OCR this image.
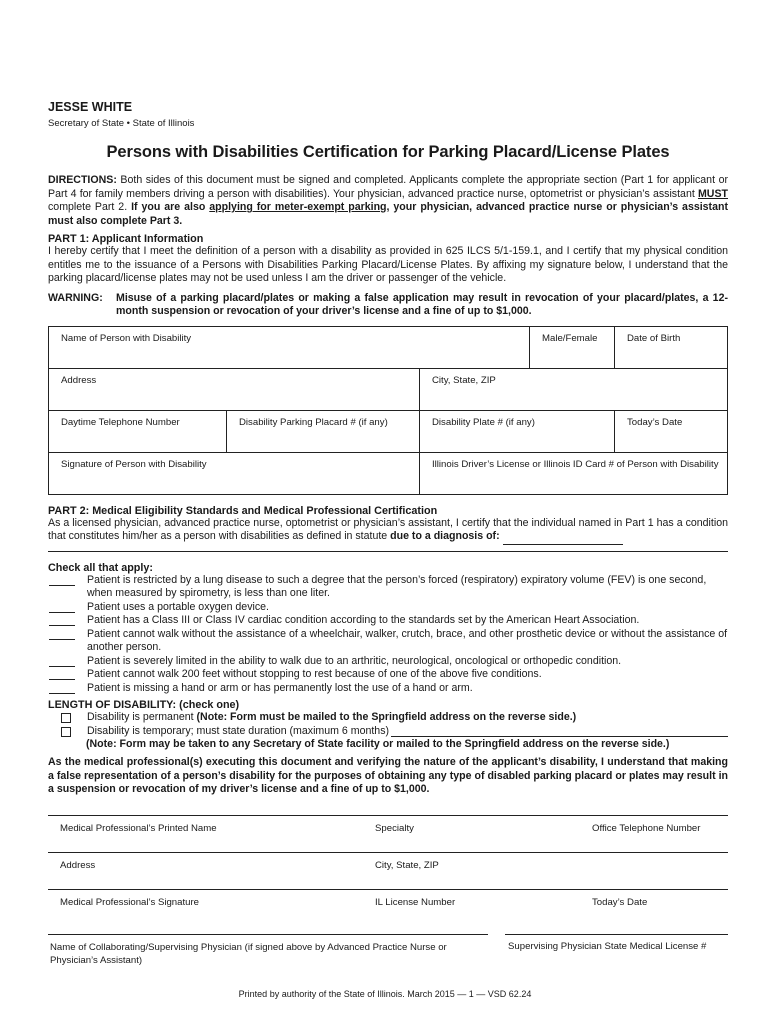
JESSE WHITE
Secretary of State • State of Illinois
Persons with Disabilities Certification for Parking Placard/License Plates
DIRECTIONS: Both sides of this document must be signed and completed. Applicants complete the appropriate section (Part 1 for applicant or Part 4 for family members driving a person with disabilities). Your physician, advanced practice nurse, optometrist or physician’s assistant MUST complete Part 2. If you are also applying for meter-exempt parking, your physician, advanced practice nurse or physician’s assistant must also complete Part 3.
PART 1: Applicant Information
I hereby certify that I meet the definition of a person with a disability as provided in 625 ILCS 5/1-159.1, and I certify that my physical condition entitles me to the issuance of a Persons with Disabilities Parking Placard/License Plates. By affixing my signature below, I understand that the parking placard/license plates may not be used unless I am the driver or passenger of the vehicle.
WARNING:	Misuse of a parking placard/plates or making a false application may result in revocation of your placard/plates, a 12-month suspension or revocation of your driver’s license and a fine of up to $1,000.
Name of Person with Disability			Male/Female	Date of Birth
Address		City, State, ZIP		
Daytime Telephone Number	Disability Parking Placard # (if any)	Disability Plate # (if any)		Today’s Date
Signature of Person with Disability		Illinois Driver’s License or Illinois ID Card # of Person with Disability		
PART 2: Medical Eligibility Standards and Medical Professional Certification
As a licensed physician, advanced practice nurse, optometrist or physician’s assistant, I certify that the individual named in Part 1 has a condition that constitutes him/her as a person with disabilities as defined in statute due to a diagnosis of:
Check all that apply:
Patient is restricted by a lung disease to such a degree that the person’s forced (respiratory) expiratory volume (FEV) is one second, when measured by spirometry, is less than one liter.
Patient uses a portable oxygen device.
Patient has a Class III or Class IV cardiac condition according to the standards set by the American Heart Association.
Patient cannot walk without the assistance of a wheelchair, walker, crutch, brace, and other prosthetic device or without the assistance of another person.
Patient is severely limited in the ability to walk due to an arthritic, neurological, oncological or orthopedic condition.
Patient cannot walk 200 feet without stopping to rest because of one of the above five conditions.
Patient is missing a hand or arm or has permanently lost the use of a hand or arm.
LENGTH OF DISABILITY: (check one)
Disability is permanent (Note: Form must be mailed to the Springfield address on the reverse side.)
Disability is temporary; must state duration (maximum 6 months)
(Note: Form may be taken to any Secretary of State facility or mailed to the Springfield address on the reverse side.)
As the medical professional(s) executing this document and verifying the nature of the applicant’s disability, I understand that making a false representation of a person’s disability for the purposes of obtaining any type of disabled parking placard or plates may result in a suspension or revocation of my driver’s license and a fine of up to $1,000.
Medical Professional’s Printed Name	Specialty	Office Telephone Number
Address	City, State, ZIP
Medical Professional’s Signature	IL License Number	Today’s Date
Name of Collaborating/Supervising Physician (if signed above by Advanced Practice Nurse or Physician’s Assistant)
Supervising Physician State Medical License #
Printed by authority of the State of Illinois. March 2015 — 1 — VSD 62.24
